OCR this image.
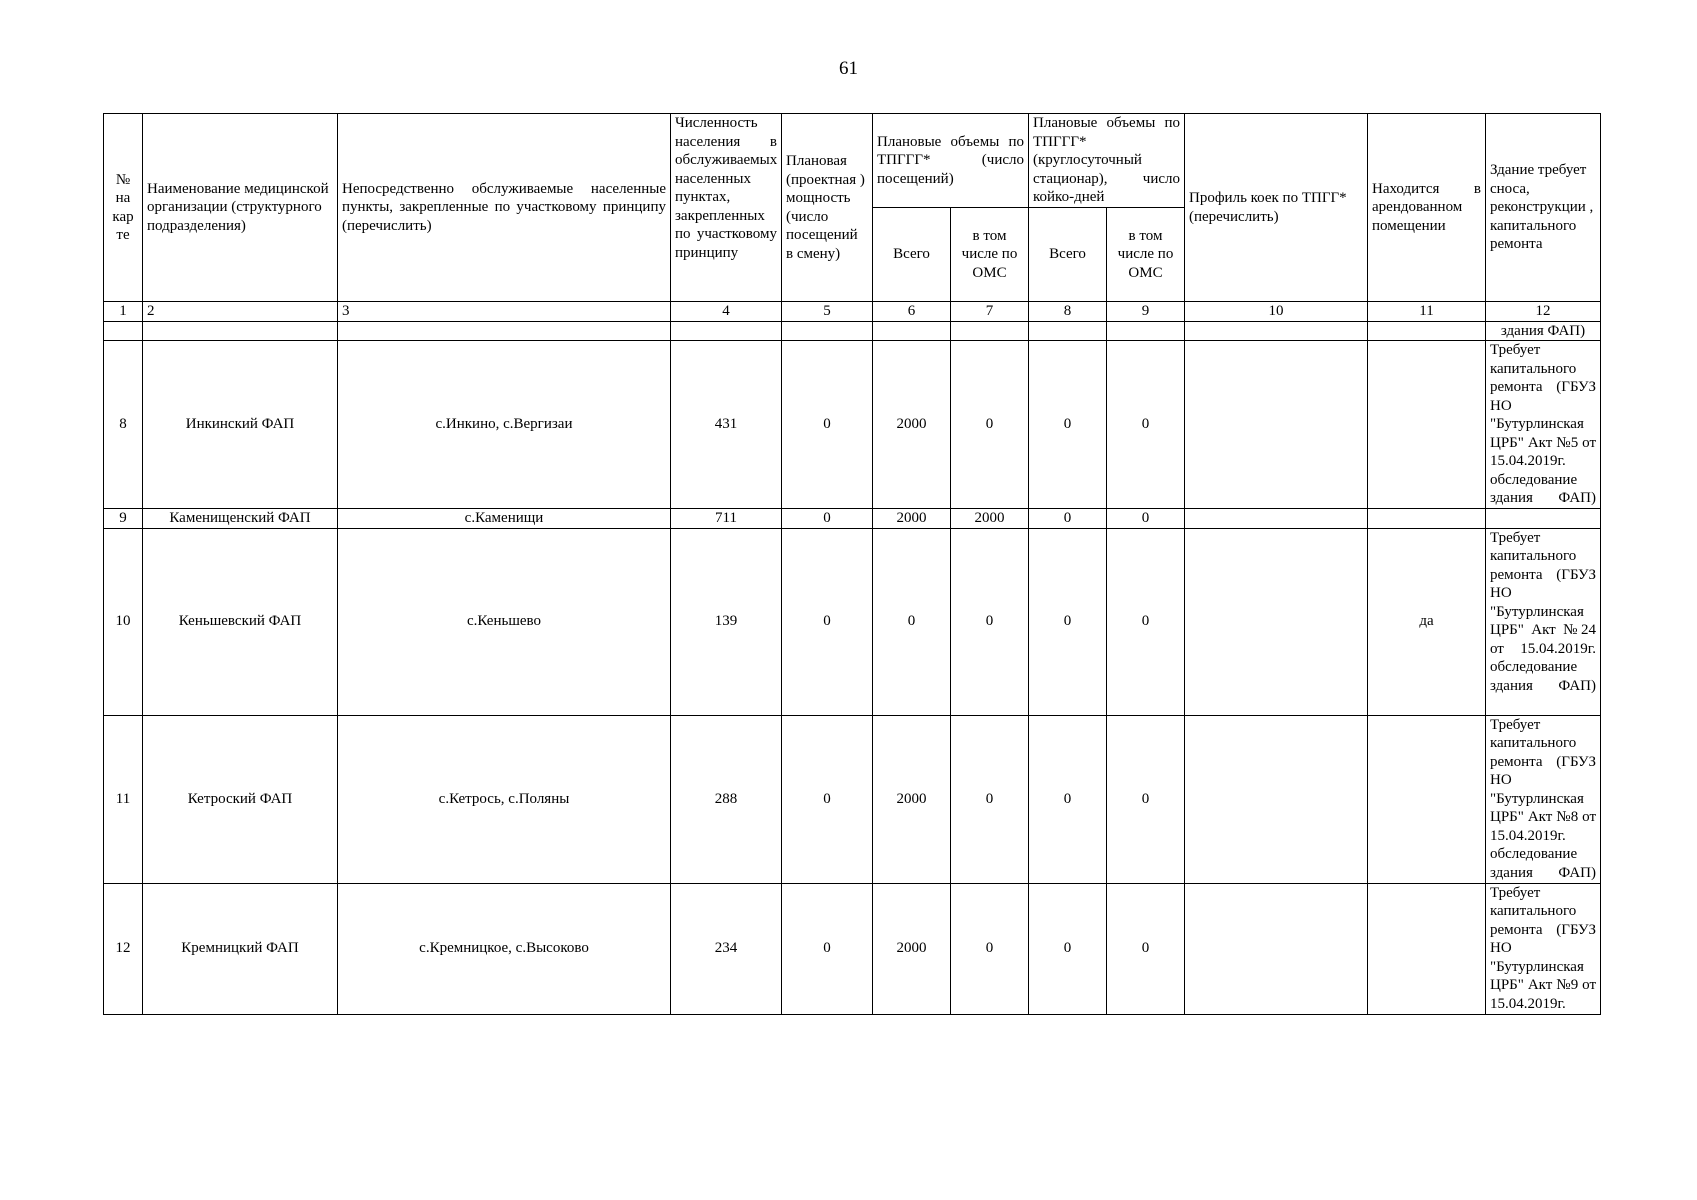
61
№ на кар те	Наименование медицинской организации (структурного подразделения)	Непосредственно обслуживаемые населенные пункты, закрепленные по участковому принципу (перечислить)	Численность населения в обслуживаемых населенных пунктах, закрепленных по участковому принципу	Плановая (проектная ) мощность (число посещений в смену)	Плановые объемы по ТПГГГ* (число посещений)		Плановые объемы по ТПГГГ* (круглосуточный стационар), число койко-дней		Профиль коек по ТПГГ* (перечислить)	Находится в арендованном помещении	Здание требует сноса, реконструкции , капитального ремонта
					Всего	в том числе по ОМС	Всего	в том числе по ОМС			
1	2	3	4	5	6	7	8	9	10	11	12
											здания ФАП)
8	Инкинский ФАП	с.Инкино, с.Вергизаи	431	0	2000	0	0	0			Требует капитального ремонта (ГБУЗ НО "Бутурлинская ЦРБ" Акт №5 от 15.04.2019г. обследование здания ФАП)
9	Каменищенский ФАП	с.Каменищи	711	0	2000	2000	0	0			
10	Кеньшевский ФАП	с.Кеньшево	139	0	0	0	0	0		да	Требует капитального ремонта (ГБУЗ НО "Бутурлинская ЦРБ" Акт №24 от 15.04.2019г. обследование здания ФАП)
11	Кетроский ФАП	с.Кетрось, с.Поляны	288	0	2000	0	0	0			Требует капитального ремонта (ГБУЗ НО "Бутурлинская ЦРБ" Акт №8 от 15.04.2019г. обследование здания ФАП)
12	Кремницкий ФАП	с.Кремницкое, с.Высоково	234	0	2000	0	0	0			Требует капитального ремонта (ГБУЗ НО "Бутурлинская ЦРБ" Акт №9 от 15.04.2019г.
